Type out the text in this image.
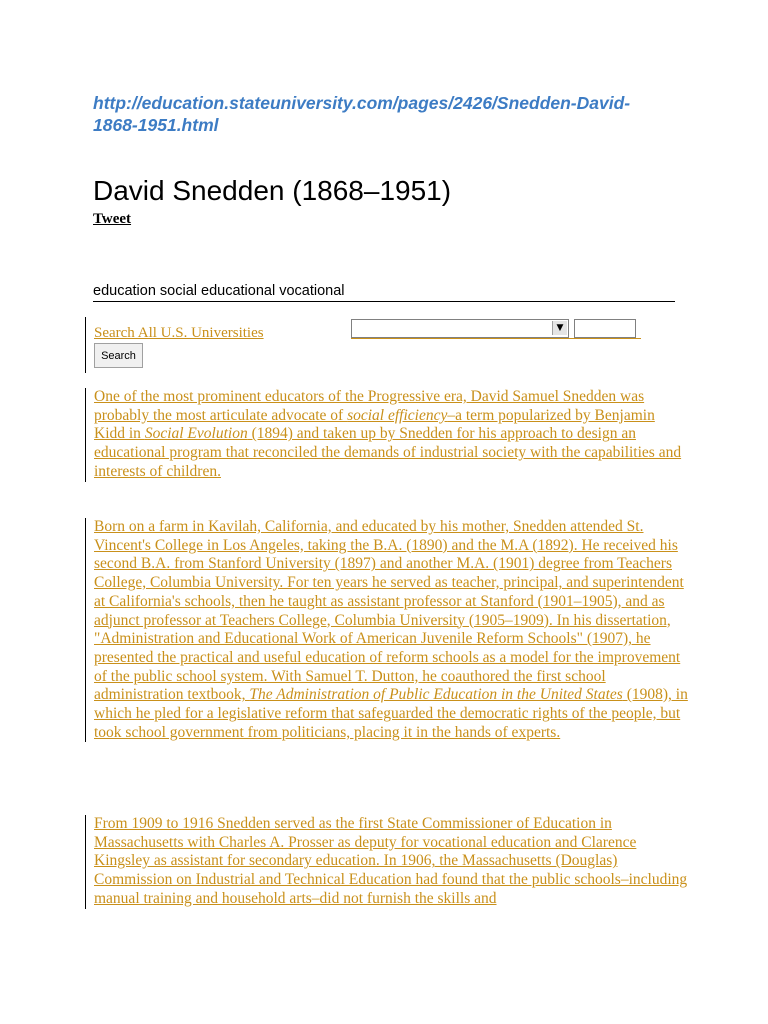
http://education.stateuniversity.com/pages/2426/Snedden-David-1868-1951.html
David Snedden (1868–1951)
Tweet
education social educational vocational
Search All U.S. Universities	▼
Search

One of the most prominent educators of the Progressive era, David Samuel Snedden was probably the most articulate advocate of social efficiency–a term popularized by Benjamin Kidd in Social Evolution (1894) and taken up by Snedden for his approach to design an educational program that reconciled the demands of industrial society with the capabilities and interests of children.

Born on a farm in Kavilah, California, and educated by his mother, Snedden attended St. Vincent's College in Los Angeles, taking the B.A. (1890) and the M.A (1892). He received his second B.A. from Stanford University (1897) and another M.A. (1901) degree from Teachers College, Columbia University. For ten years he served as teacher, principal, and superintendent at California's schools, then he taught as assistant professor at Stanford (1901–1905), and as adjunct professor at Teachers College, Columbia University (1905–1909). In his dissertation, "Administration and Educational Work of American Juvenile Reform Schools" (1907), he presented the practical and useful education of reform schools as a model for the improvement of the public school system. With Samuel T. Dutton, he coauthored the first school administration textbook, The Administration of Public Education in the United States (1908), in which he pled for a legislative reform that safeguarded the democratic rights of the people, but took school government from politicians, placing it in the hands of experts.

From 1909 to 1916 Snedden served as the first State Commissioner of Education in Massachusetts with Charles A. Prosser as deputy for vocational education and Clarence Kingsley as assistant for secondary education. In 1906, the Massachusetts (Douglas) Commission on Industrial and Technical Education had found that the public schools–including manual training and household arts–did not furnish the skills and
